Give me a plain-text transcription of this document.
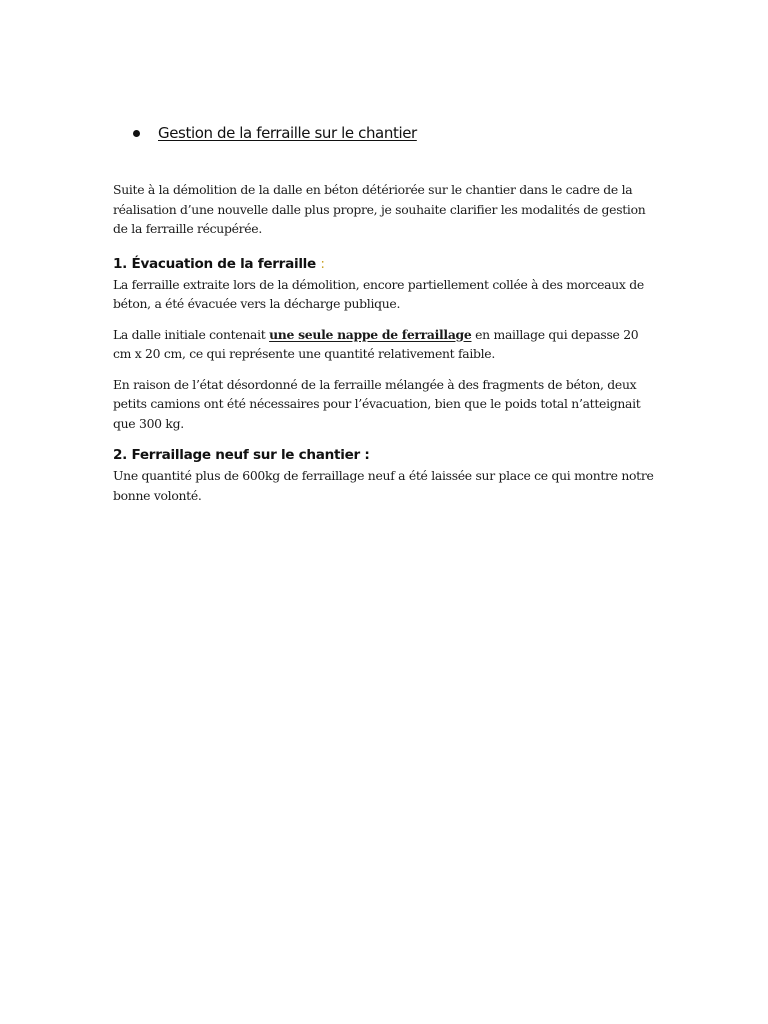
Gestion de la ferraille sur le chantier

Suite à la démolition de la dalle en béton détériorée sur le chantier dans le cadre de la réalisation d’une nouvelle dalle plus propre, je souhaite clarifier les modalités de gestion de la ferraille récupérée.

1. Évacuation de la ferraille :

La ferraille extraite lors de la démolition, encore partiellement collée à des morceaux de béton, a été évacuée vers la décharge publique.

La dalle initiale contenait une seule nappe de ferraillage en maillage qui depasse 20 cm x 20 cm, ce qui représente une quantité relativement faible.

En raison de l’état désordonné de la ferraille mélangée à des fragments de béton, deux petits camions ont été nécessaires pour l’évacuation, bien que le poids total n’atteignait que 300 kg.

2. Ferraillage neuf sur le chantier :

Une quantité plus de 600kg de ferraillage neuf a été laissée sur place ce qui montre notre bonne volonté.
